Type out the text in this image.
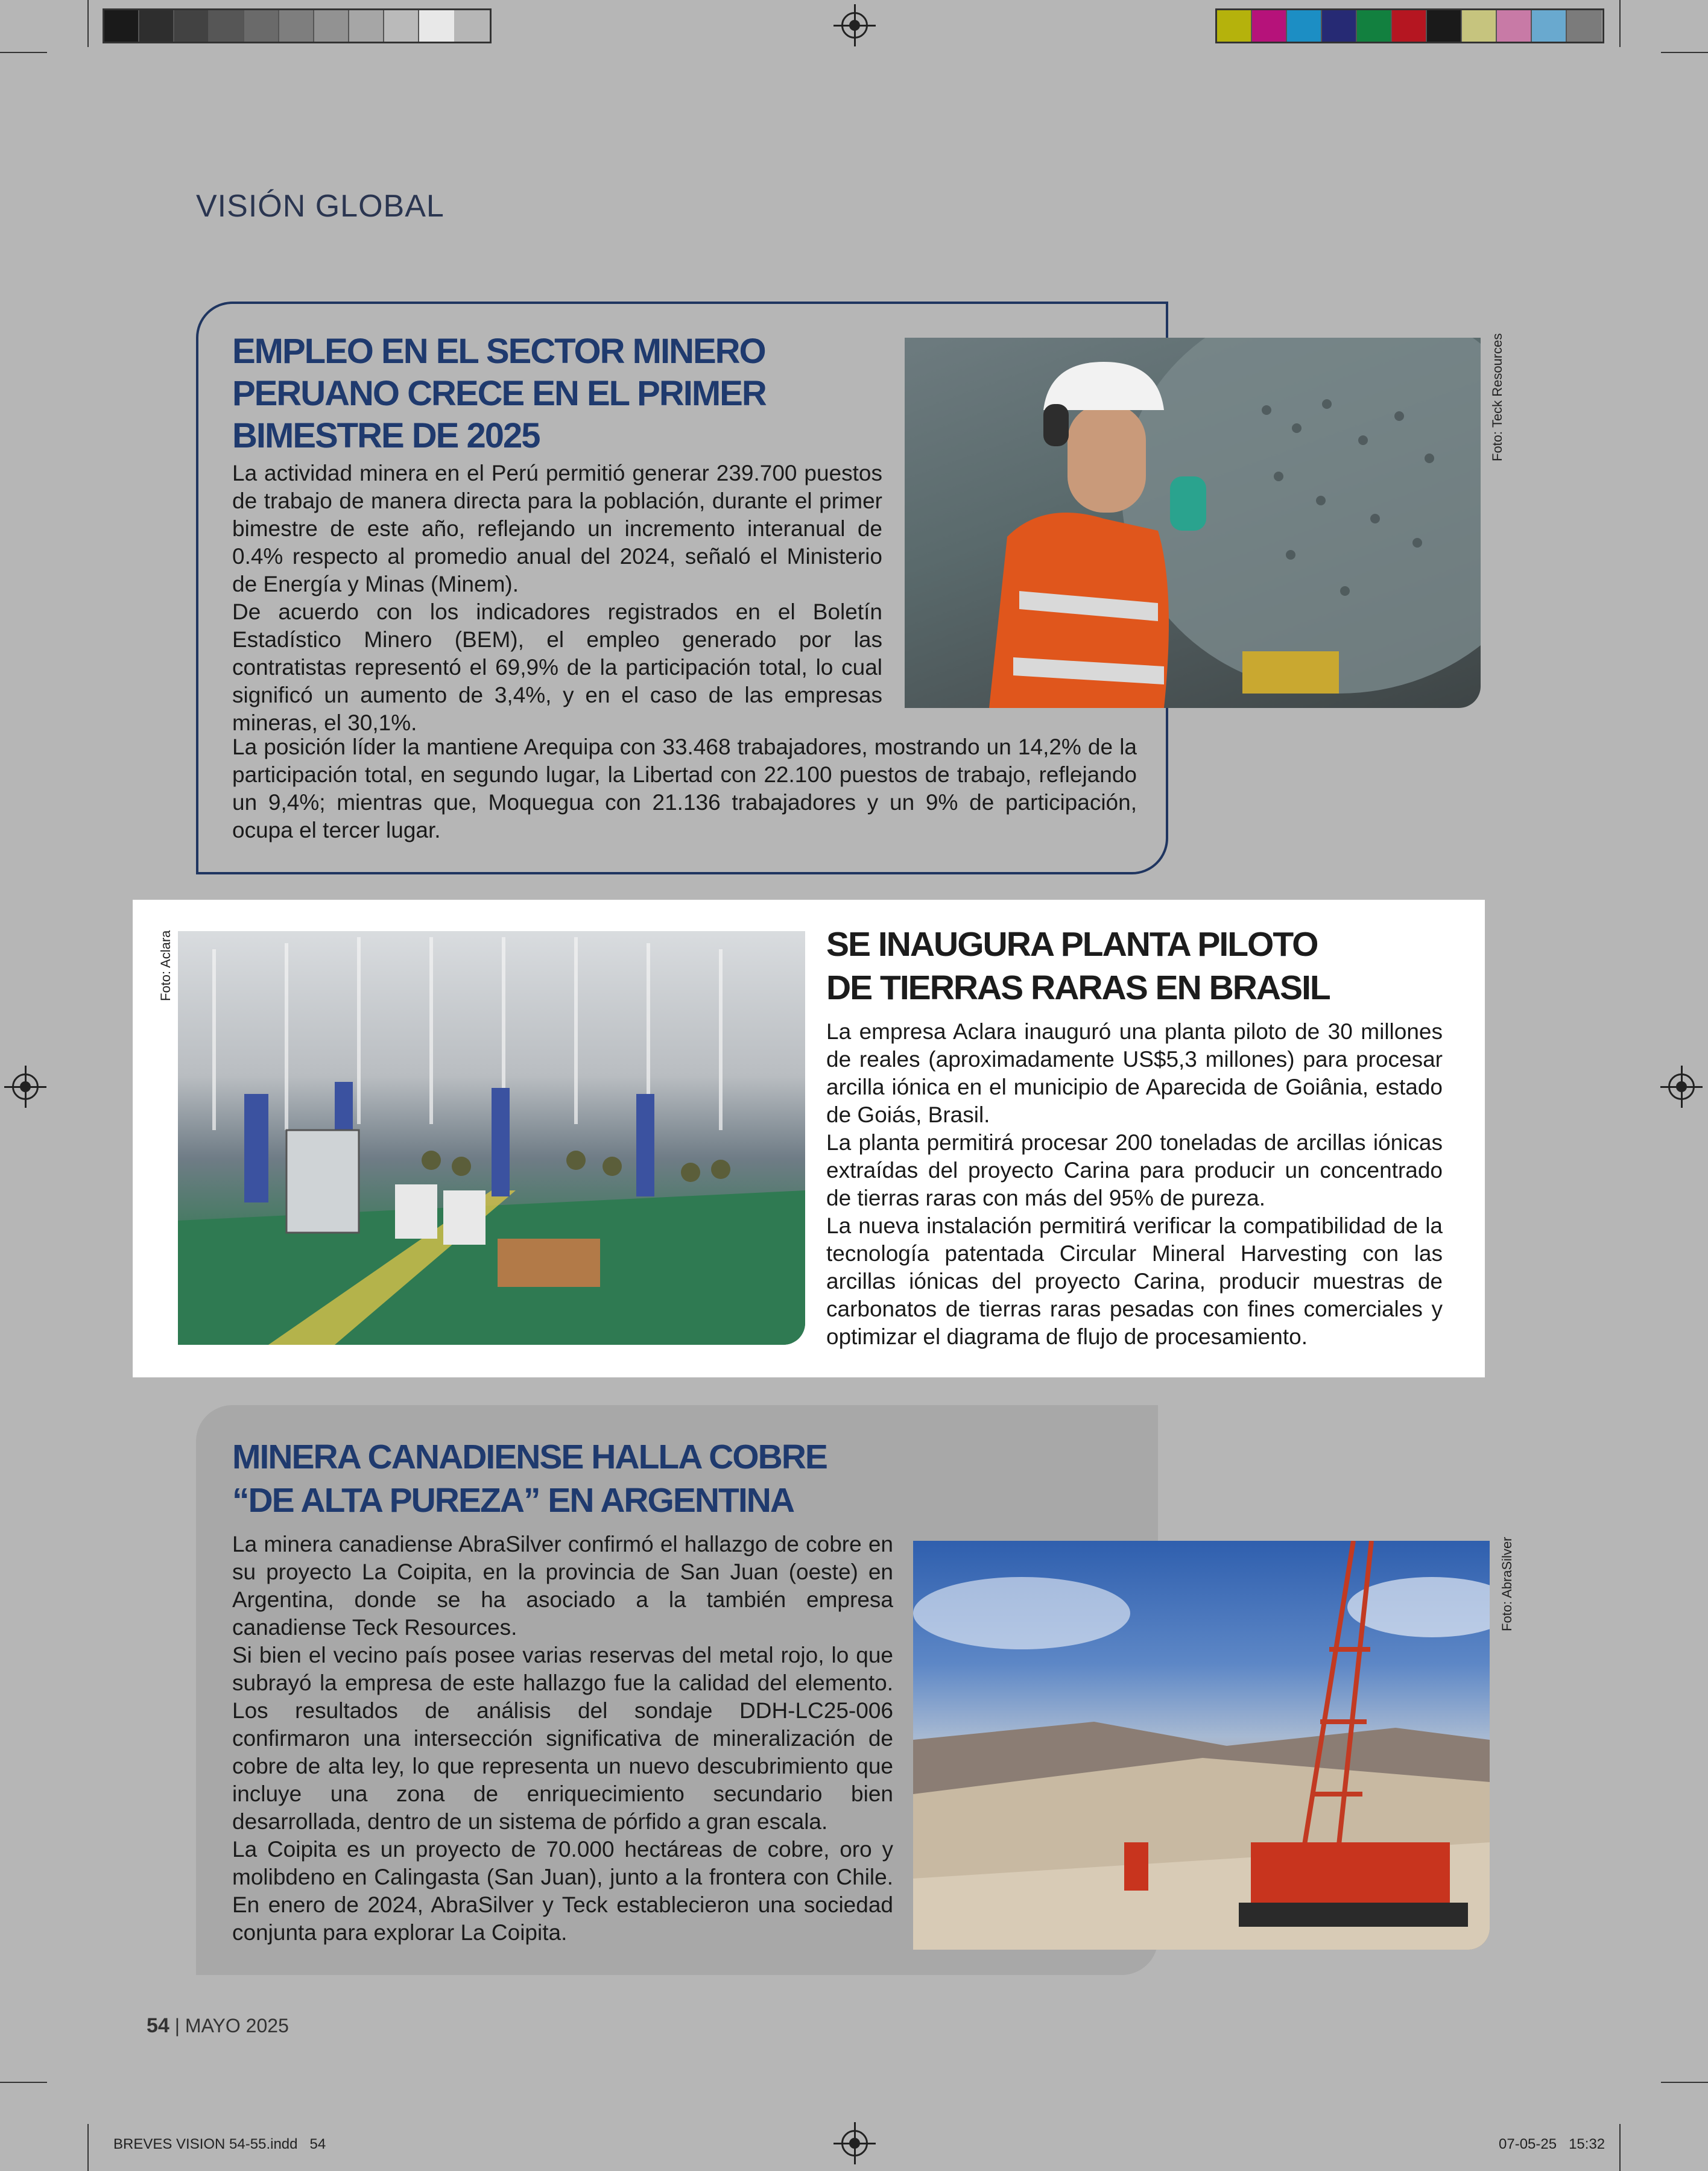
VISIÓN GLOBAL
EMPLEO EN EL SECTOR MINERO PERUANO CRECE EN EL PRIMER BIMESTRE DE 2025
La actividad minera en el Perú permitió generar 239.700 puestos de trabajo de manera directa para la población, durante el primer bimestre de este año, reflejando un incremento interanual de 0.4% respecto al promedio anual del 2024, señaló el Ministerio de Energía y Minas (Minem).
De acuerdo con los indicadores registrados en el Boletín Estadístico Minero (BEM), el empleo generado por las contratistas representó el 69,9% de la participación total, lo cual significó un aumento de 3,4%, y en el caso de las empresas mineras, el 30,1%.
La posición líder la mantiene Arequipa con 33.468 trabajadores, mostrando un 14,2% de la participación total, en segundo lugar, la Libertad con 22.100 puestos de trabajo, reflejando un 9,4%; mientras que, Moquegua con 21.136 trabajadores y un 9% de participación, ocupa el tercer lugar.
Foto: Teck Resources
Foto: Aclara	SE INAUGURA PLANTA PILOTO
DE TIERRAS RARAS EN BRASIL
La empresa Aclara inauguró una planta piloto de 30 millones de reales (aproximadamente US$5,3 millones) para procesar arcilla iónica en el municipio de Aparecida de Goiânia, estado de Goiás, Brasil.
La planta permitirá procesar 200 toneladas de arcillas iónicas extraídas del proyecto Carina para producir un concentrado de tierras raras con más del 95% de pureza.
La nueva instalación permitirá verificar la compatibilidad de la tecnología patentada Circular Mineral Harvesting con las arcillas iónicas del proyecto Carina, producir muestras de carbonatos de tierras raras pesadas con fines comerciales y optimizar el diagrama de flujo de procesamiento.
MINERA CANADIENSE HALLA COBRE
“DE ALTA PUREZA” EN ARGENTINA
La minera canadiense AbraSilver confirmó el hallazgo de cobre en su proyecto La Coipita, en la provincia de San Juan (oeste) en Argentina, donde se ha asociado a la también empresa canadiense Teck Resources.
Si bien el vecino país posee varias reservas del metal rojo, lo que subrayó la empresa de este hallazgo fue la calidad del elemento. Los resultados de análisis del sondaje DDH-LC25-006 confirmaron una intersección significativa de mineralización de cobre de alta ley, lo que representa un nuevo descubrimiento que incluye una zona de enriquecimiento secundario bien desarrollada, dentro de un sistema de pórfido a gran escala.
La Coipita es un proyecto de 70.000 hectáreas de cobre, oro y molibdeno en Calingasta (San Juan), junto a la frontera con Chile. En enero de 2024, AbraSilver y Teck establecieron una sociedad conjunta para explorar La Coipita.
Foto: AbraSilver
54 | MAYO 2025
BREVES VISION 54-55.indd   54	07-05-25   15:32
